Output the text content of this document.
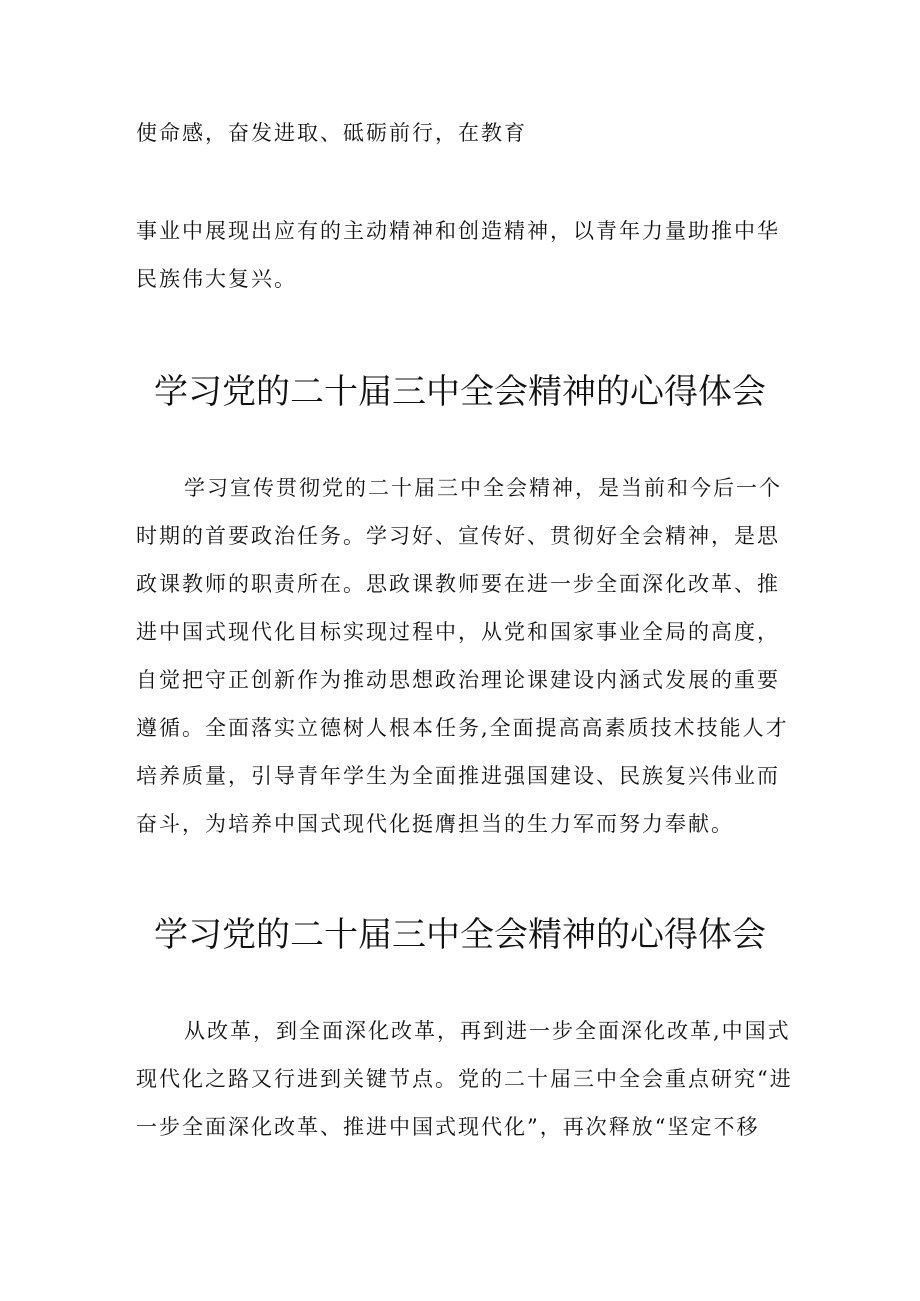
使命感，奋发进取、砥砺前行，在教育

事业中展现出应有的主动精神和创造精神，以青年力量助推中华

民族伟大复兴。

学习党的二十届三中全会精神的心得体会

学习宣传贯彻党的二十届三中全会精神，是当前和今后一个

时期的首要政治任务。学习好、宣传好、贯彻好全会精神，是思

政课教师的职责所在。思政课教师要在进一步全面深化改革、推

进中国式现代化目标实现过程中，从党和国家事业全局的高度，

自觉把守正创新作为推动思想政治理论课建设内涵式发展的重要

遵循。全面落实立德树人根本任务,全面提高高素质技术技能人才

培养质量，引导青年学生为全面推进强国建设、民族复兴伟业而

奋斗，为培养中国式现代化挺膺担当的生力军而努力奉献。

学习党的二十届三中全会精神的心得体会

从改革，到全面深化改革，再到进一步全面深化改革,中国式

现代化之路又行进到关键节点。党的二十届三中全会重点研究“进

一步全面深化改革、推进中国式现代化”，再次释放“坚定不移
